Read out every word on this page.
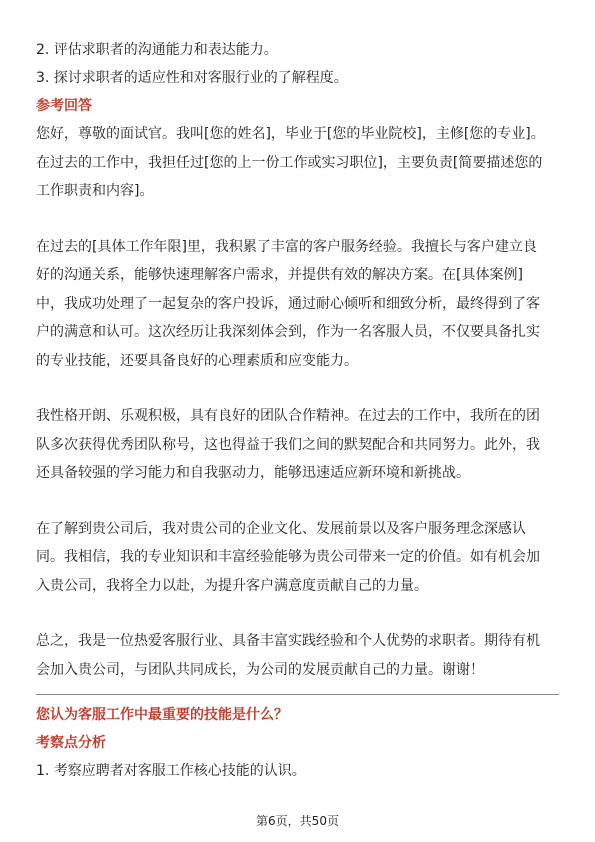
2. 评估求职者的沟通能力和表达能力。

3. 探讨求职者的适应性和对客服行业的了解程度。

参考回答

您好，尊敬的面试官。我叫[您的姓名]，毕业于[您的毕业院校]，主修[您的专业]。

在过去的工作中，我担任过[您的上一份工作或实习职位]，主要负责[简要描述您的

工作职责和内容]。

在过去的[具体工作年限]里，我积累了丰富的客户服务经验。我擅长与客户建立良

好的沟通关系，能够快速理解客户需求，并提供有效的解决方案。在[具体案例]

中，我成功处理了一起复杂的客户投诉，通过耐心倾听和细致分析，最终得到了客

户的满意和认可。这次经历让我深刻体会到，作为一名客服人员，不仅要具备扎实

的专业技能，还要具备良好的心理素质和应变能力。

我性格开朗、乐观积极，具有良好的团队合作精神。在过去的工作中，我所在的团

队多次获得优秀团队称号，这也得益于我们之间的默契配合和共同努力。此外，我

还具备较强的学习能力和自我驱动力，能够迅速适应新环境和新挑战。

在了解到贵公司后，我对贵公司的企业文化、发展前景以及客户服务理念深感认

同。我相信，我的专业知识和丰富经验能够为贵公司带来一定的价值。如有机会加

入贵公司，我将全力以赴，为提升客户满意度贡献自己的力量。

总之，我是一位热爱客服行业、具备丰富实践经验和个人优势的求职者。期待有机

会加入贵公司，与团队共同成长，为公司的发展贡献自己的力量。谢谢！

您认为客服工作中最重要的技能是什么？

考察点分析

1. 考察应聘者对客服工作核心技能的认识。

第6页，共50页
